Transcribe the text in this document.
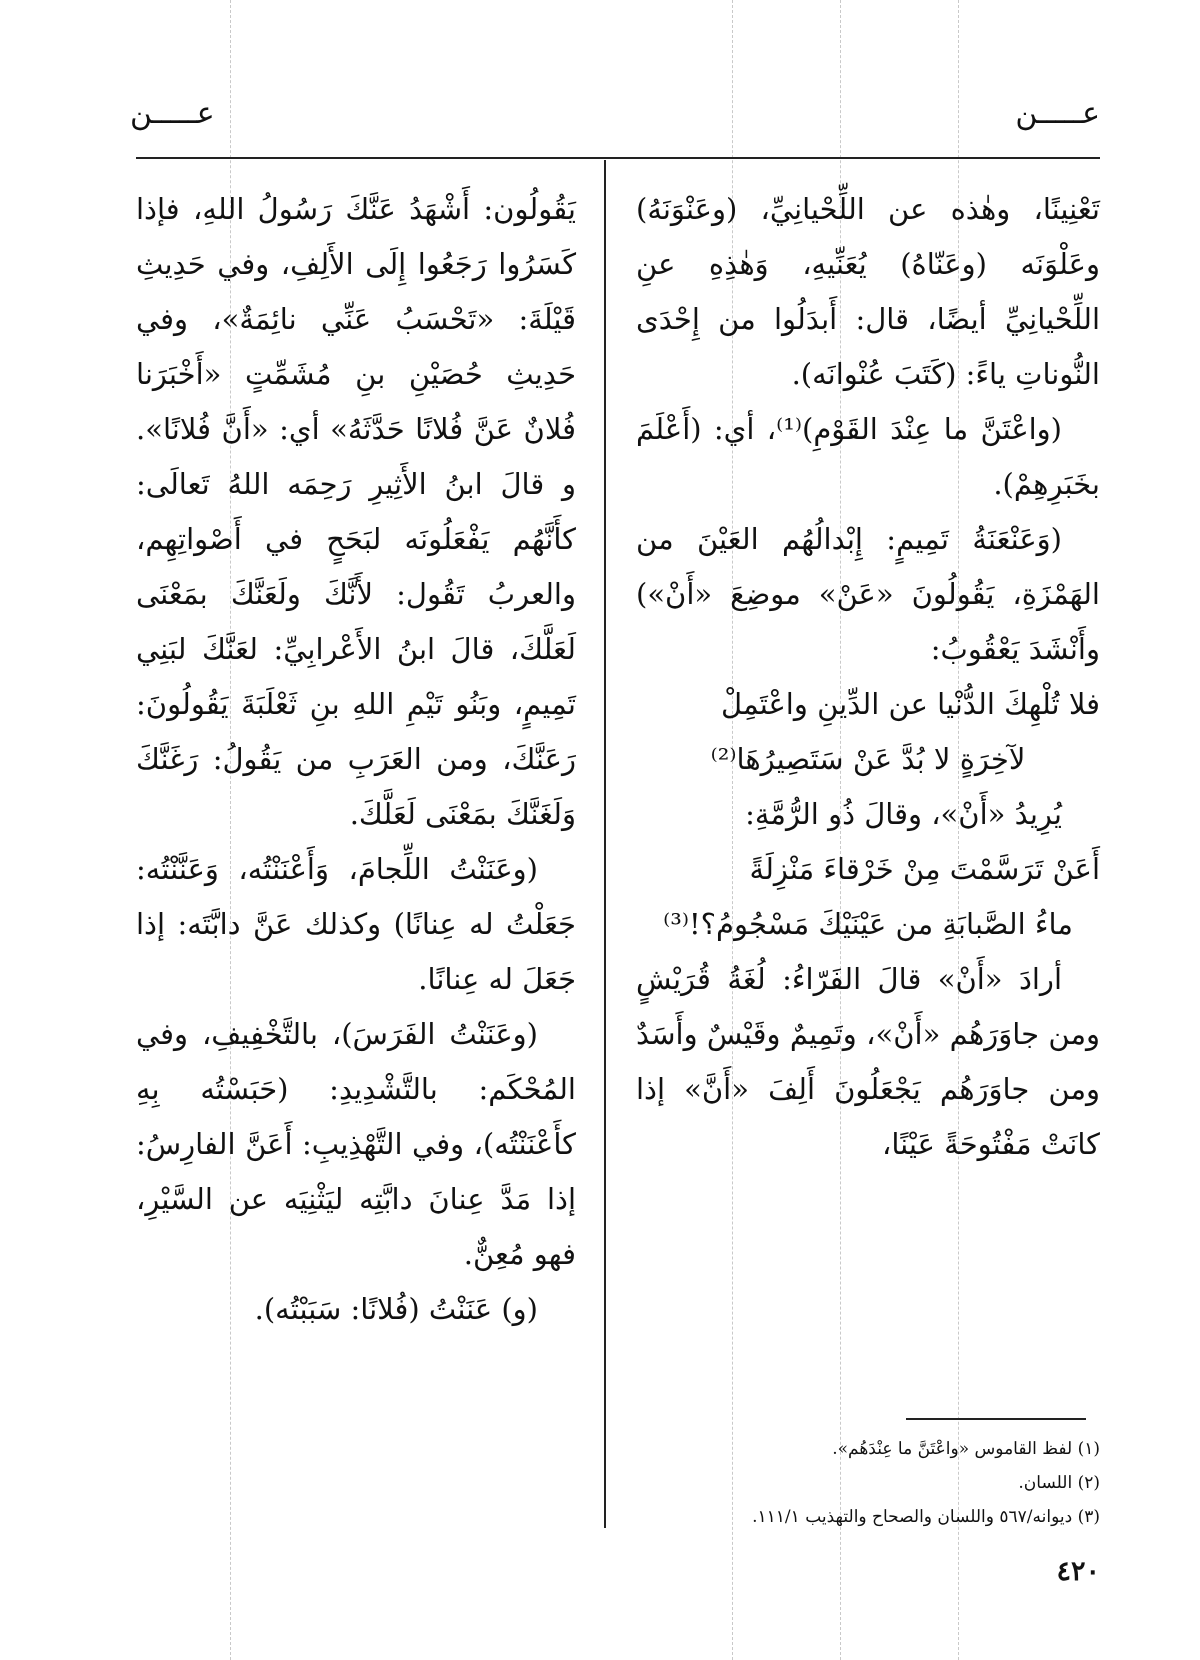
عـــــن
عـــــن

تَعْنِينًا، وهٰذه عن اللِّحْيانِيِّ، (وعَنْوَنَهُ) وعَلْوَنَه (وعَنّاهُ) يُعَنِّيهِ، وَهٰذِهِ عنِ اللِّحْيانِيِّ أيضًا، قال: أَبدَلُوا من إِحْدَى النُّوناتِ ياءً: (كَتَبَ عُنْوانَه).

(واعْتَنَّ ما عِنْدَ القَوْمِ)⁽¹⁾، أي: (أَعْلَمَ بخَبَرِهِمْ).

(وَعَنْعَنَةُ تَمِيمٍ: إِبْدالُهُم العَيْنَ من الهَمْزَةِ، يَقُولُونَ «عَنْ» موضِعَ «أَنْ») وأَنْشَدَ يَعْقُوبُ:

فلا تُلْهِكَ الدُّنْيا عن الدِّينِ واعْتَمِلْ

لآخِرَةٍ لا بُدَّ عَنْ سَتَصِيرُهَا⁽²⁾

يُرِيدُ «أَنْ»، وقالَ ذُو الرُّمَّةِ:

أَعَنْ تَرَسَّمْتَ مِنْ خَرْقاءَ مَنْزِلَةً

ماءُ الصَّبابَةِ من عَيْنَيْكَ مَسْجُومُ؟!⁽³⁾

أرادَ «أَنْ» قالَ الفَرّاءُ: لُغَةُ قُرَيْشٍ ومن جاوَرَهُم «أَنْ»، وتَمِيمٌ وقَيْسٌ وأَسَدٌ ومن جاوَرَهُم يَجْعَلُونَ أَلِفَ «أَنَّ» إذا كانَتْ مَفْتُوحَةً عَيْنًا،

يَقُولُون: أَشْهَدُ عَنَّكَ رَسُولُ اللهِ، فإذا كَسَرُوا رَجَعُوا إِلَى الأَلِفِ، وفي حَدِيثِ قَيْلَةَ: «تَحْسَبُ عَنِّي نائِمَةٌ»، وفي حَدِيثِ حُصَيْنِ بنِ مُشَمِّتٍ «أَخْبَرَنا فُلانٌ عَنَّ فُلانًا حَدَّثَهُ» أي: «أَنَّ فُلانًا». و قالَ ابنُ الأَثِيرِ رَحِمَه اللهُ تَعالَى: كأَنَّهُم يَفْعَلُونَه لبَحَحٍ في أَصْواتِهِم، والعربُ تَقُول: لأَنَّكَ ولَعَنَّكَ بمَعْنَى لَعَلَّكَ، قالَ ابنُ الأَعْرابِيِّ: لعَنَّكَ لبَنِي تَمِيمٍ، وبَنُو تَيْمِ اللهِ بنِ ثَعْلَبَةَ يَقُولُونَ: رَعَنَّكَ، ومن العَرَبِ من يَقُولُ: رَغَنَّكَ وَلَغَنَّكَ بمَعْنَى لَعَلَّكَ.

(وعَنَنْتُ اللِّجامَ، وَأَعْنَنْتُه، وَعَنَّنْتُه: جَعَلْتُ له عِنانًا) وكذلك عَنَّ دابَّتَه: إذا جَعَلَ له عِنانًا.

(وعَنَنْتُ الفَرَسَ)، بالتَّخْفِيفِ، وفي المُحْكَم: بالتَّشْدِيدِ: (حَبَسْتُه بِهِ كأَعْنَنْتُه)، وفي التَّهْذِيبِ: أَعَنَّ الفارِسُ: إذا مَدَّ عِنانَ دابَّتِه ليَثْنِيَه عن السَّيْرِ، فهو مُعِنٌّ.

(و) عَنَنْتُ (فُلانًا: سَبَبْتُه).

(١) لفظ القاموس «واعْتَنَّ ما عِنْدَهُم».
(٢) اللسان.
(٣) ديوانه/٥٦٧ واللسان والصحاح والتهذيب ١١١/١.
٤٢٠
